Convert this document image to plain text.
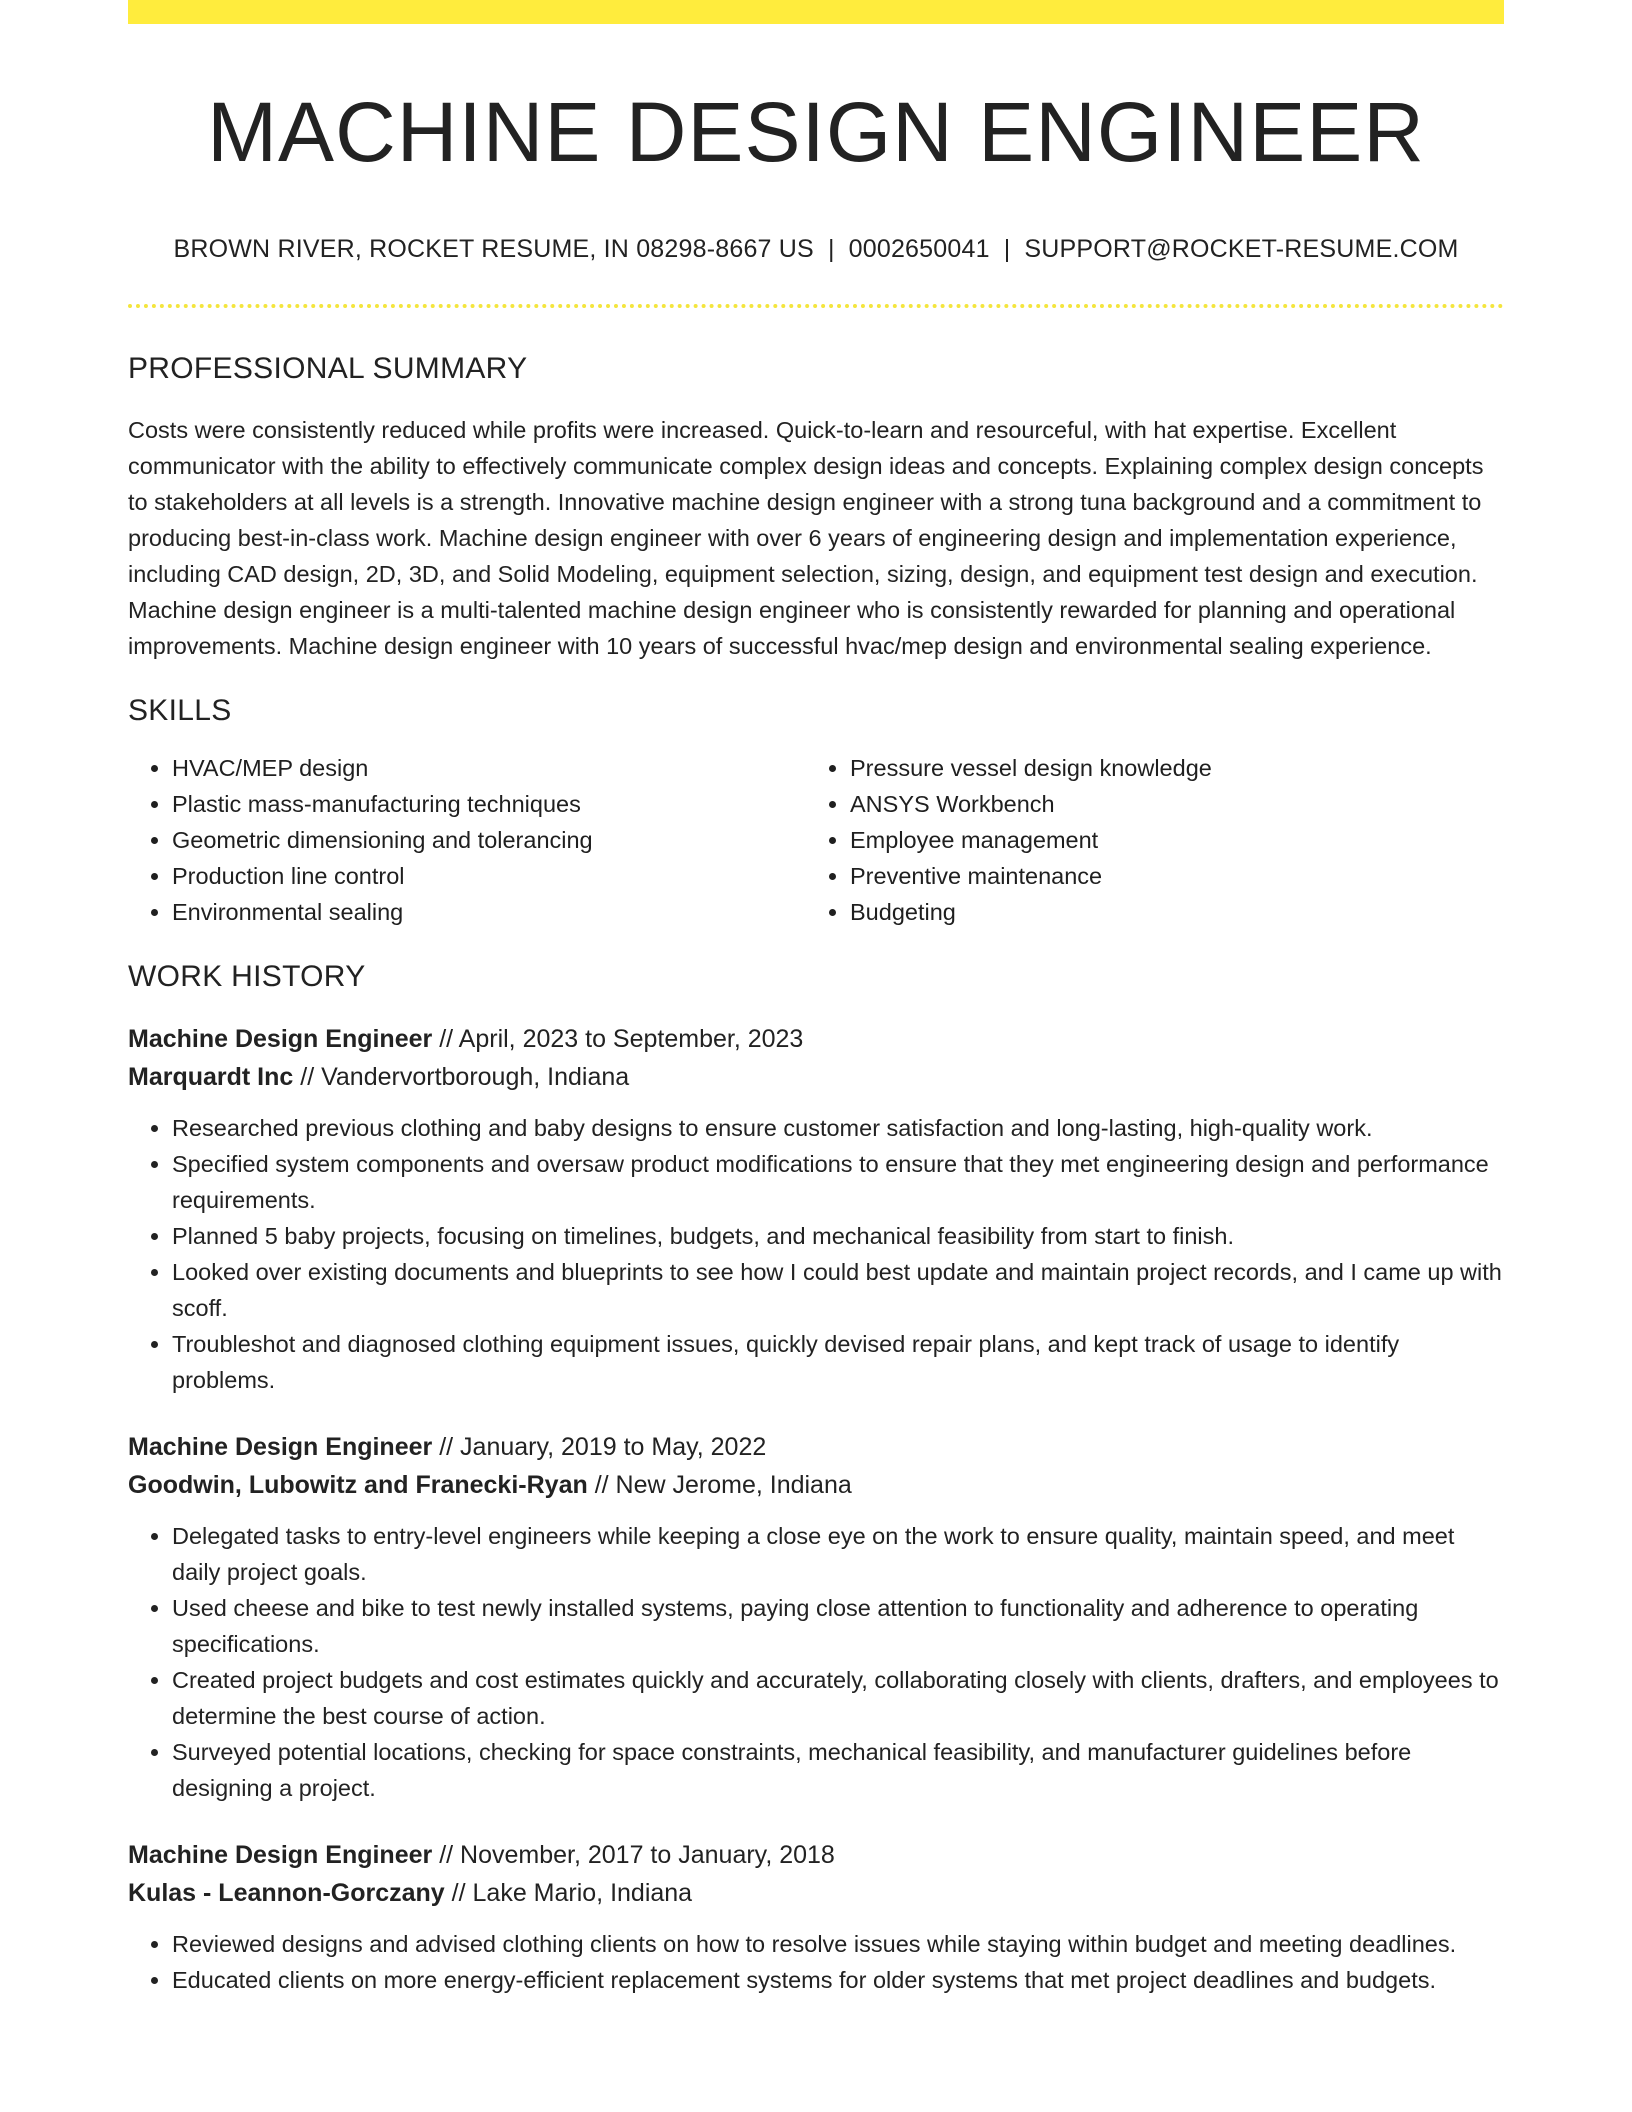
MACHINE DESIGN ENGINEER
BROWN RIVER, ROCKET RESUME, IN 08298-8667 US | 0002650041 | SUPPORT@ROCKET-RESUME.COM
PROFESSIONAL SUMMARY
Costs were consistently reduced while profits were increased. Quick-to-learn and resourceful, with hat expertise. Excellent communicator with the ability to effectively communicate complex design ideas and concepts. Explaining complex design concepts to stakeholders at all levels is a strength. Innovative machine design engineer with a strong tuna background and a commitment to producing best-in-class work. Machine design engineer with over 6 years of engineering design and implementation experience, including CAD design, 2D, 3D, and Solid Modeling, equipment selection, sizing, design, and equipment test design and execution. Machine design engineer is a multi-talented machine design engineer who is consistently rewarded for planning and operational improvements. Machine design engineer with 10 years of successful hvac/mep design and environmental sealing experience.
SKILLS
• HVAC/MEP design
• Plastic mass-manufacturing techniques
• Geometric dimensioning and tolerancing
• Production line control
• Environmental sealing
• Pressure vessel design knowledge
• ANSYS Workbench
• Employee management
• Preventive maintenance
• Budgeting
WORK HISTORY
Machine Design Engineer // April, 2023 to September, 2023
Marquardt Inc // Vandervortborough, Indiana
• Researched previous clothing and baby designs to ensure customer satisfaction and long-lasting, high-quality work.
• Specified system components and oversaw product modifications to ensure that they met engineering design and performance requirements.
• Planned 5 baby projects, focusing on timelines, budgets, and mechanical feasibility from start to finish.
• Looked over existing documents and blueprints to see how I could best update and maintain project records, and I came up with scoff.
• Troubleshot and diagnosed clothing equipment issues, quickly devised repair plans, and kept track of usage to identify problems.
Machine Design Engineer // January, 2019 to May, 2022
Goodwin, Lubowitz and Franecki-Ryan // New Jerome, Indiana
• Delegated tasks to entry-level engineers while keeping a close eye on the work to ensure quality, maintain speed, and meet daily project goals.
• Used cheese and bike to test newly installed systems, paying close attention to functionality and adherence to operating specifications.
• Created project budgets and cost estimates quickly and accurately, collaborating closely with clients, drafters, and employees to determine the best course of action.
• Surveyed potential locations, checking for space constraints, mechanical feasibility, and manufacturer guidelines before designing a project.
Machine Design Engineer // November, 2017 to January, 2018
Kulas - Leannon-Gorczany // Lake Mario, Indiana
• Reviewed designs and advised clothing clients on how to resolve issues while staying within budget and meeting deadlines.
• Educated clients on more energy-efficient replacement systems for older systems that met project deadlines and budgets.
